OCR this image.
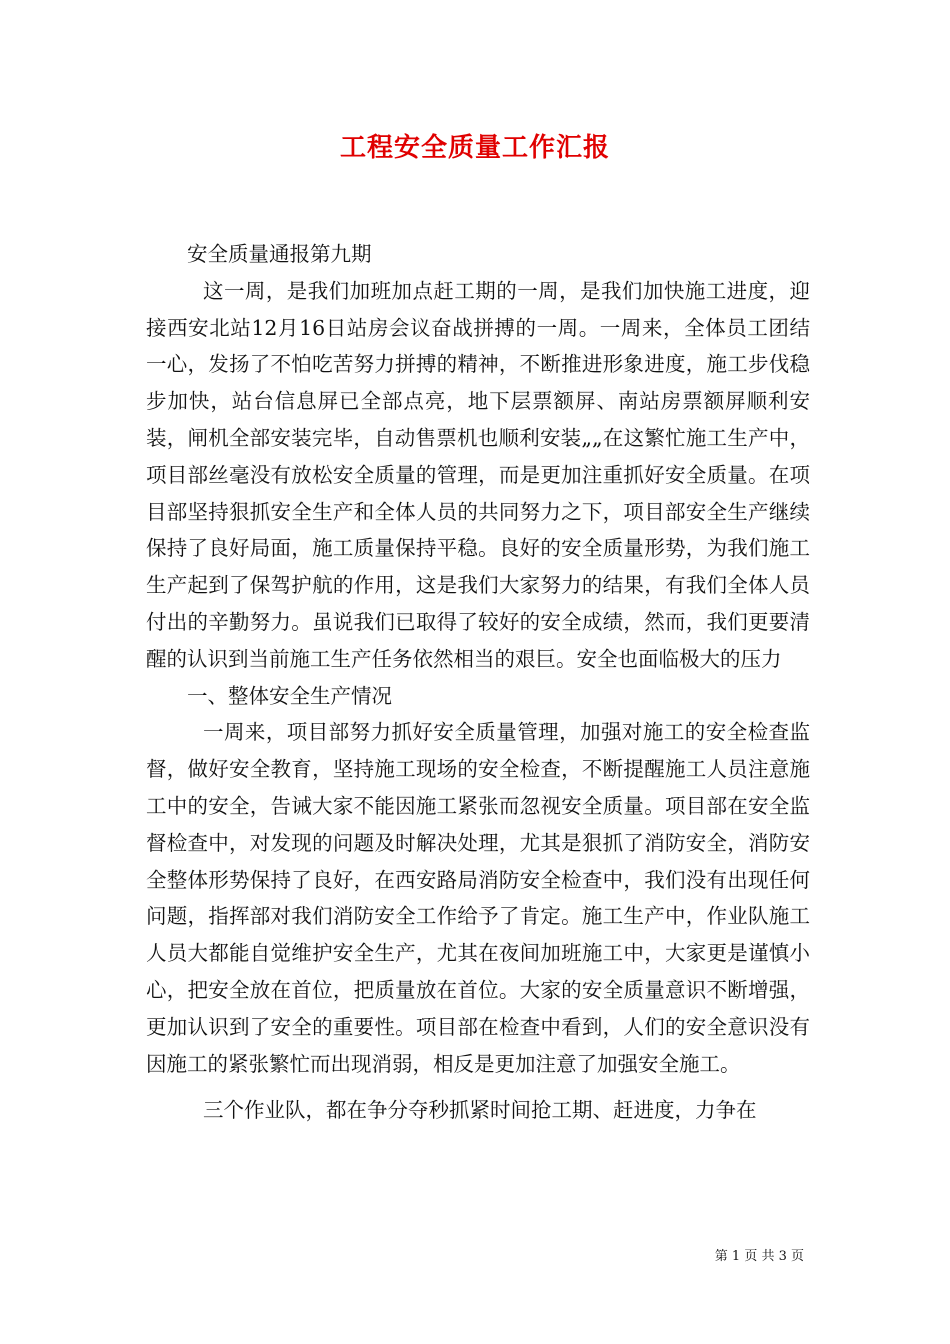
工程安全质量工作汇报

安全质量通报第九期

这一周，是我们加班加点赶工期的一周，是我们加快施工进度，迎接西安北站12月16日站房会议奋战拼搏的一周。一周来，全体员工团结一心，发扬了不怕吃苦努力拼搏的精神，不断推进形象进度，施工步伐稳步加快，站台信息屏已全部点亮，地下层票额屏、南站房票额屏顺利安装，闸机全部安装完毕，自动售票机也顺利安装„„在这繁忙施工生产中，项目部丝毫没有放松安全质量的管理，而是更加注重抓好安全质量。在项目部坚持狠抓安全生产和全体人员的共同努力之下，项目部安全生产继续保持了良好局面，施工质量保持平稳。良好的安全质量形势，为我们施工生产起到了保驾护航的作用，这是我们大家努力的结果，有我们全体人员付出的辛勤努力。虽说我们已取得了较好的安全成绩，然而，我们更要清醒的认识到当前施工生产任务依然相当的艰巨。安全也面临极大的压力

一、整体安全生产情况

一周来，项目部努力抓好安全质量管理，加强对施工的安全检查监督，做好安全教育，坚持施工现场的安全检查，不断提醒施工人员注意施工中的安全，告诫大家不能因施工紧张而忽视安全质量。项目部在安全监督检查中，对发现的问题及时解决处理，尤其是狠抓了消防安全，消防安全整体形势保持了良好，在西安路局消防安全检查中，我们没有出现任何问题，指挥部对我们消防安全工作给予了肯定。施工生产中，作业队施工人员大都能自觉维护安全生产，尤其在夜间加班施工中，大家更是谨慎小心，把安全放在首位，把质量放在首位。大家的安全质量意识不断增强，更加认识到了安全的重要性。项目部在检查中看到，人们的安全意识没有因施工的紧张繁忙而出现消弱，相反是更加注意了加强安全施工。

三个作业队，都在争分夺秒抓紧时间抢工期、赶进度，力争在

第 1 页 共 3 页
